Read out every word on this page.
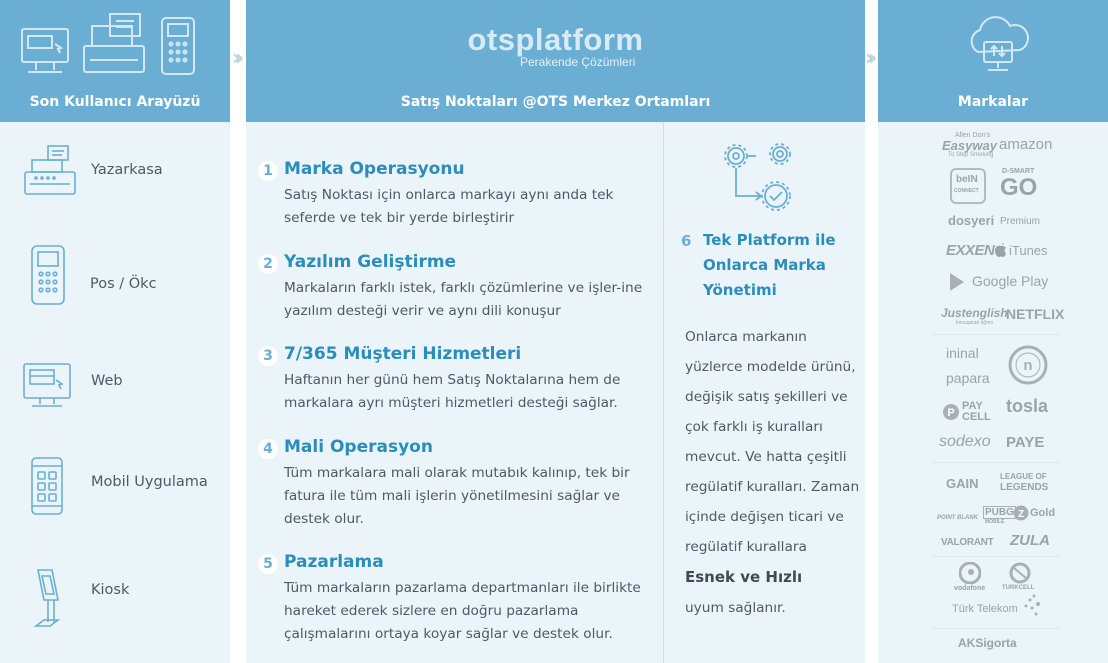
Son Kullanıcı Arayüzü
Yazarkasa
Pos / Ökc
Web
Mobil Uygulama
Kiosk
››	››
otsplatform
Perakende Çözümleri
Satış Noktaları @OTS Merkez Ortamları
1 Marka Operasyonu
Satış Noktası için onlarca markayı aynı anda tek seferde ve tek bir yerde birleştirir
2 Yazılım Geliştirme
Markaların farklı istek, farklı çözümlerine ve işler-ine yazılım desteği verir ve aynı dili konuşur
3 7/365 Müşteri Hizmetleri
Haftanın her günü hem Satış Noktalarına hem de markalara ayrı müşteri hizmetleri desteği sağlar.
4 Mali Operasyon
Tüm markalara mali olarak mutabık kalınıp, tek bir fatura ile tüm mali işlerin yönetilmesini sağlar ve destek olur.
5 Pazarlama
Tüm markaların pazarlama departmanları ile birlikte hareket ederek sizlere en doğru pazarlama çalışmalarını ortaya koyar sağlar ve destek olur.
6 Tek Platform ile Onlarca Marka Yönetimi
Onlarca markanın yüzlerce modelde ürünü, değişik satış şekilleri ve çok farklı iş kuralları mevcut. Ve hatta çeşitli regülatif kuralları. Zaman içinde değişen ticari ve regülatif kurallara
Esnek ve Hızlı
uyum sağlanır.
Markalar
Allen Don's
Easyway
To Step Smoking
amazon
beIN
CONNECT
D-SMART
GO
dosyeri Premium
EXXEN iTunes
Google Play
Justenglish
konuşarak öğren
NETFLIX
ininal
papara
n
P
PAY
CELL
tosla
sodexo PAYE
GAIN	LEAGUE OF
LEGENDS
POINT BLANK PUBG
MOBILE
Z Gold
VALORANT ZULA
vodafone	TURKCELL
Türk Telekom
AKSigorta
